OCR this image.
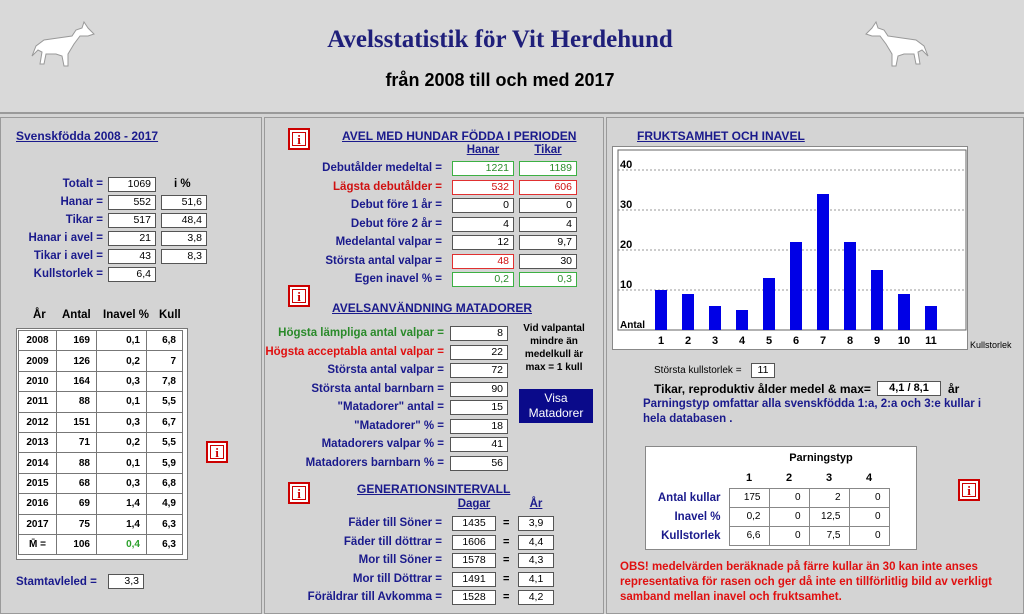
Avelsstatistik för Vit Herdehund
från 2008 till och med 2017
Svenskfödda 2008 - 2017
i %
Totalt =	1069
Hanar =	552	51,6
Tikar =	517	48,4
Hanar i avel =	21	3,8
Tikar i avel =	43	8,3
Kullstorlek =	6,4
År Antal Inavel % Kull
2008	169	0,1	6,8
2009	126	0,2	7
2010	164	0,3	7,8
2011	88	0,1	5,5
2012	151	0,3	6,7
2013	71	0,2	5,5
2014	88	0,1	5,9
2015	68	0,3	6,8
2016	69	1,4	4,9
2017	75	1,4	6,3
M̄ =	106	0,4	6,3
Stamtavleled =	3,3
i
i	AVEL MED HUNDAR FÖDDA I PERIODEN
Hanar	Tikar
Debutålder medeltal =	1221	1189
Lägsta debutålder =	532	606
Debut före 1 år =	0	0
Debut före 2 år =	4	4
Medelantal valpar =	12	9,7
Största antal valpar =	48	30
Egen inavel % =	0,2	0,3
i
AVELSANVÄNDNING MATADORER
Högsta lämpliga antal valpar =	8
Högsta acceptabla antal valpar =	22
Största antal valpar =	72
Största antal barnbarn =	90
"Matadorer" antal =	15
"Matadorer" % =	18
Matadorers valpar % =	41
Matadorers barnbarn % =	56
Vid valpantal mindre än medelkull är max = 1 kull
Visa Matadorer
i	GENERATIONSINTERVALL
Dagar	År
Fäder till Söner =	1435	=	3,9
Fäder till döttrar =	1606	=	4,4
Mor till Söner =	1578	=	4,3
Mor till Döttrar =	1491	=	4,1
Föräldrar till Avkomma =	1528	=	4,2
FRUKTSAMHET OCH INAVEL
10
20
30
40
Antal
1 2 3 4 5 6 7 8 9 10 11	Kullstorlek
Största kullstorlek =	11
Tikar, reproduktiv ålder medel & max=	4,1 / 8,1	år
Parningstyp omfattar alla svenskfödda 1:a, 2:a och 3:e kullar i hela databasen .
Parningstyp
	1	2	3	4
Antal kullar	175	0	2	0
Inavel %	0,2	0	12,5	0
Kullstorlek	6,6	0	7,5	0
i
OBS! medelvärden beräknade på färre kullar än 30 kan inte anses representativa för rasen och ger då inte en tillförlitlig bild av verkligt samband mellan inavel och fruktsamhet.
